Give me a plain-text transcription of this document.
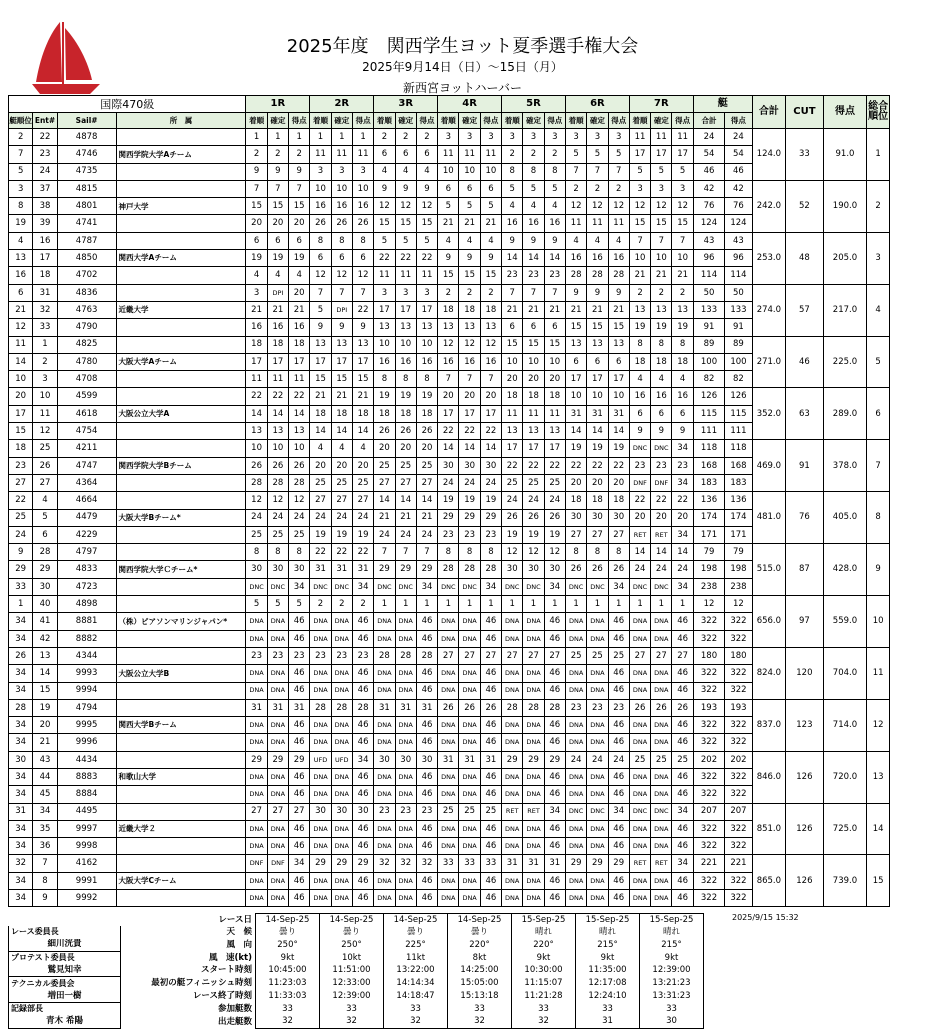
2025年度　関西学生ヨット夏季選手権大会
2025年9月14日（日）～15日（月）
新西宮ヨットハーバー
国際470級				1R			2R			3R			4R			5R			6R			7R			艇		合計	CUT	得点	総合順位
艇順位	Ent#	Sail#	所　属	着順	確定	得点	着順	確定	得点	着順	確定	得点	着順	確定	得点	着順	確定	得点	着順	確定	得点	着順	確定	得点	合計	得点				
2	22	4878		1	1	1	1	1	1	2	2	2	3	3	3	3	3	3	3	3	3	11	11	11	24	24	124.0	33	91.0	1
7	23	4746	関西学院大学Aチーム	2	2	2	11	11	11	6	6	6	11	11	11	2	2	2	5	5	5	17	17	17	54	54				
5	24	4735		9	9	9	3	3	3	4	4	4	10	10	10	8	8	8	7	7	7	5	5	5	46	46				
3	37	4815		7	7	7	10	10	10	9	9	9	6	6	6	5	5	5	2	2	2	3	3	3	42	42	242.0	52	190.0	2
8	38	4801	神戸大学	15	15	15	16	16	16	12	12	12	5	5	5	4	4	4	12	12	12	12	12	12	76	76				
19	39	4741		20	20	20	26	26	26	15	15	15	21	21	21	16	16	16	11	11	11	15	15	15	124	124				
4	16	4787		6	6	6	8	8	8	5	5	5	4	4	4	9	9	9	4	4	4	7	7	7	43	43	253.0	48	205.0	3
13	17	4850	関西大学Aチーム	19	19	19	6	6	6	22	22	22	9	9	9	14	14	14	16	16	16	10	10	10	96	96				
16	18	4702		4	4	4	12	12	12	11	11	11	15	15	15	23	23	23	28	28	28	21	21	21	114	114				
6	31	4836		3	DPI	20	7	7	7	3	3	3	2	2	2	7	7	7	9	9	9	2	2	2	50	50	274.0	57	217.0	4
21	32	4763	近畿大学	21	21	21	5	DPI	22	17	17	17	18	18	18	21	21	21	21	21	21	13	13	13	133	133				
12	33	4790		16	16	16	9	9	9	13	13	13	13	13	13	6	6	6	15	15	15	19	19	19	91	91				
11	1	4825		18	18	18	13	13	13	10	10	10	12	12	12	15	15	15	13	13	13	8	8	8	89	89	271.0	46	225.0	5
14	2	4780	大阪大学Aチーム	17	17	17	17	17	17	16	16	16	16	16	16	10	10	10	6	6	6	18	18	18	100	100				
10	3	4708		11	11	11	15	15	15	8	8	8	7	7	7	20	20	20	17	17	17	4	4	4	82	82				
20	10	4599		22	22	22	21	21	21	19	19	19	20	20	20	18	18	18	10	10	10	16	16	16	126	126	352.0	63	289.0	6
17	11	4618	大阪公立大学A	14	14	14	18	18	18	18	18	18	17	17	17	11	11	11	31	31	31	6	6	6	115	115				
15	12	4754		13	13	13	14	14	14	26	26	26	22	22	22	13	13	13	14	14	14	9	9	9	111	111				
18	25	4211		10	10	10	4	4	4	20	20	20	14	14	14	17	17	17	19	19	19	DNC	DNC	34	118	118	469.0	91	378.0	7
23	26	4747	関西学院大学Bチーム	26	26	26	20	20	20	25	25	25	30	30	30	22	22	22	22	22	22	23	23	23	168	168				
27	27	4364		28	28	28	25	25	25	27	27	27	24	24	24	25	25	25	20	20	20	DNF	DNF	34	183	183				
22	4	4664		12	12	12	27	27	27	14	14	14	19	19	19	24	24	24	18	18	18	22	22	22	136	136	481.0	76	405.0	8
25	5	4479	大阪大学Bチーム*	24	24	24	24	24	24	21	21	21	29	29	29	26	26	26	30	30	30	20	20	20	174	174				
24	6	4229		25	25	25	19	19	19	24	24	24	23	23	23	19	19	19	27	27	27	RET	RET	34	171	171				
9	28	4797		8	8	8	22	22	22	7	7	7	8	8	8	12	12	12	8	8	8	14	14	14	79	79	515.0	87	428.0	9
29	29	4833	関西学院大学Ｃチーム*	30	30	30	31	31	31	29	29	29	28	28	28	30	30	30	26	26	26	24	24	24	198	198				
33	30	4723		DNC	DNC	34	DNC	DNC	34	DNC	DNC	34	DNC	DNC	34	DNC	DNC	34	DNC	DNC	34	DNC	DNC	34	238	238				
1	40	4898		5	5	5	2	2	2	1	1	1	1	1	1	1	1	1	1	1	1	1	1	1	12	12	656.0	97	559.0	10
34	41	8881	（株）ピアソンマリンジャパン*	DNA	DNA	46	DNA	DNA	46	DNA	DNA	46	DNA	DNA	46	DNA	DNA	46	DNA	DNA	46	DNA	DNA	46	322	322				
34	42	8882		DNA	DNA	46	DNA	DNA	46	DNA	DNA	46	DNA	DNA	46	DNA	DNA	46	DNA	DNA	46	DNA	DNA	46	322	322				
26	13	4344		23	23	23	23	23	23	28	28	28	27	27	27	27	27	27	25	25	25	27	27	27	180	180	824.0	120	704.0	11
34	14	9993	大阪公立大学B	DNA	DNA	46	DNA	DNA	46	DNA	DNA	46	DNA	DNA	46	DNA	DNA	46	DNA	DNA	46	DNA	DNA	46	322	322				
34	15	9994		DNA	DNA	46	DNA	DNA	46	DNA	DNA	46	DNA	DNA	46	DNA	DNA	46	DNA	DNA	46	DNA	DNA	46	322	322				
28	19	4794		31	31	31	28	28	28	31	31	31	26	26	26	28	28	28	23	23	23	26	26	26	193	193	837.0	123	714.0	12
34	20	9995	関西大学Bチーム	DNA	DNA	46	DNA	DNA	46	DNA	DNA	46	DNA	DNA	46	DNA	DNA	46	DNA	DNA	46	DNA	DNA	46	322	322				
34	21	9996		DNA	DNA	46	DNA	DNA	46	DNA	DNA	46	DNA	DNA	46	DNA	DNA	46	DNA	DNA	46	DNA	DNA	46	322	322				
30	43	4434		29	29	29	UFD	UFD	34	30	30	30	31	31	31	29	29	29	24	24	24	25	25	25	202	202	846.0	126	720.0	13
34	44	8883	和歌山大学	DNA	DNA	46	DNA	DNA	46	DNA	DNA	46	DNA	DNA	46	DNA	DNA	46	DNA	DNA	46	DNA	DNA	46	322	322				
34	45	8884		DNA	DNA	46	DNA	DNA	46	DNA	DNA	46	DNA	DNA	46	DNA	DNA	46	DNA	DNA	46	DNA	DNA	46	322	322				
31	34	4495		27	27	27	30	30	30	23	23	23	25	25	25	RET	RET	34	DNC	DNC	34	DNC	DNC	34	207	207	851.0	126	725.0	14
34	35	9997	近畿大学２	DNA	DNA	46	DNA	DNA	46	DNA	DNA	46	DNA	DNA	46	DNA	DNA	46	DNA	DNA	46	DNA	DNA	46	322	322				
34	36	9998		DNA	DNA	46	DNA	DNA	46	DNA	DNA	46	DNA	DNA	46	DNA	DNA	46	DNA	DNA	46	DNA	DNA	46	322	322				
32	7	4162		DNF	DNF	34	29	29	29	32	32	32	33	33	33	31	31	31	29	29	29	RET	RET	34	221	221	865.0	126	739.0	15
34	8	9991	大阪大学Cチーム	DNA	DNA	46	DNA	DNA	46	DNA	DNA	46	DNA	DNA	46	DNA	DNA	46	DNA	DNA	46	DNA	DNA	46	322	322				
34	9	9992		DNA	DNA	46	DNA	DNA	46	DNA	DNA	46	DNA	DNA	46	DNA	DNA	46	DNA	DNA	46	DNA	DNA	46	322	322				
	レース日	14-Sep-25	14-Sep-25	14-Sep-25	14-Sep-25	15-Sep-25	15-Sep-25	15-Sep-25
レース委員長	天　候	曇り	曇り	曇り	曇り	晴れ	晴れ	晴れ
細川洸貴	風　向	250°	250°	225°	220°	220°	215°	215°
プロテスト委員長	風　速(kt)	9kt	10kt	11kt	8kt	9kt	9kt	9kt
鷲見知幸	スタート時刻	10:45:00	11:51:00	13:22:00	14:25:00	10:30:00	11:35:00	12:39:00
テクニカル委員会	最初の艇フィニッシュ時刻	11:23:03	12:33:00	14:14:34	15:05:00	11:15:07	12:17:08	13:21:23
増田一樹	レース終了時刻	11:33:03	12:39:00	14:18:47	15:13:18	11:21:28	12:24:10	13:31:23
記録部長	参加艇数	33	33	33	33	33	33	33
青木 希陽	出走艇数	32	32	32	32	32	31	30
2025/9/15 15:32
